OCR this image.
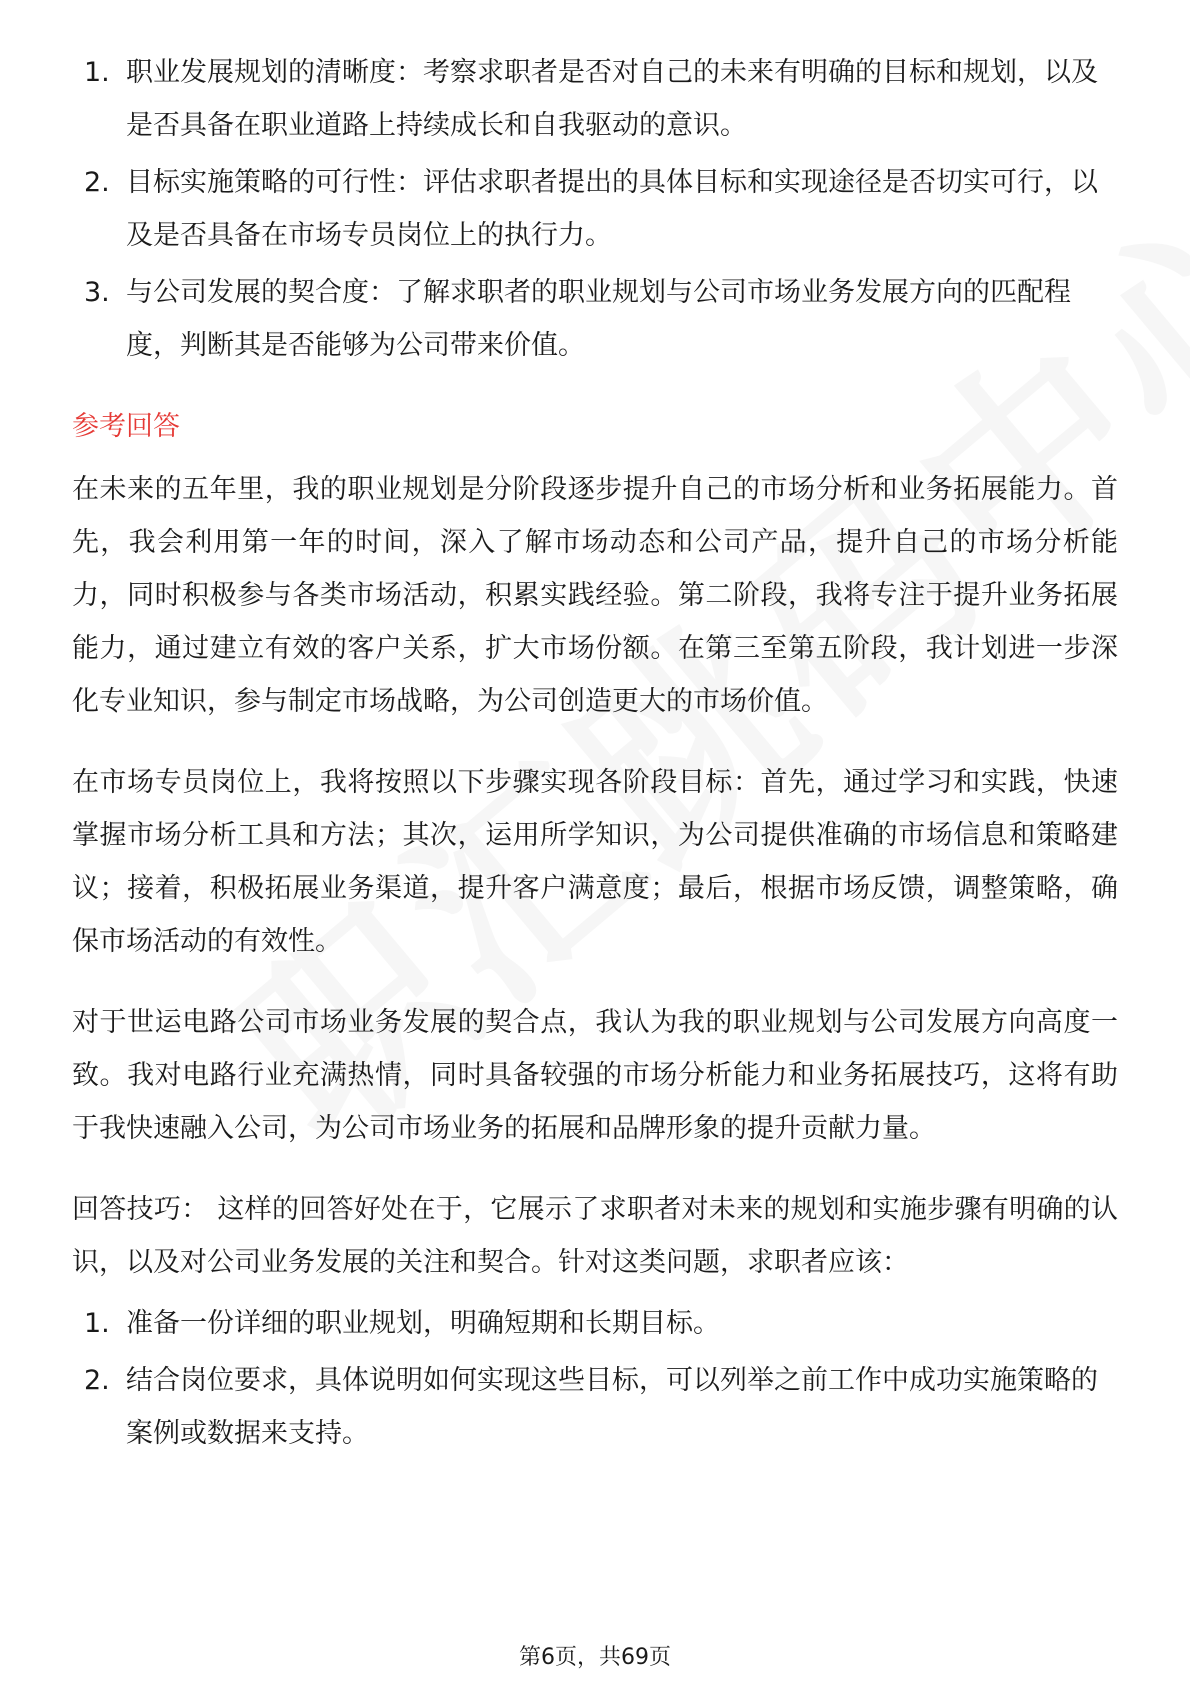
1. 职业发展规划的清晰度：考察求职者是否对自己的未来有明确的目标和规划，以及是否具备在职业道路上持续成长和自我驱动的意识。
2. 目标实施策略的可行性：评估求职者提出的具体目标和实现途径是否切实可行，以及是否具备在市场专员岗位上的执行力。
3. 与公司发展的契合度：了解求职者的职业规划与公司市场业务发展方向的匹配程度，判断其是否能够为公司带来价值。
参考回答

在未来的五年里，我的职业规划是分阶段逐步提升自己的市场分析和业务拓展能力。首先，我会利用第一年的时间，深入了解市场动态和公司产品，提升自己的市场分析能力，同时积极参与各类市场活动，积累实践经验。第二阶段，我将专注于提升业务拓展能力，通过建立有效的客户关系，扩大市场份额。在第三至第五阶段，我计划进一步深化专业知识，参与制定市场战略，为公司创造更大的市场价值。

在市场专员岗位上，我将按照以下步骤实现各阶段目标：首先，通过学习和实践，快速掌握市场分析工具和方法；其次，运用所学知识，为公司提供准确的市场信息和策略建议；接着，积极拓展业务渠道，提升客户满意度；最后，根据市场反馈，调整策略，确保市场活动的有效性。

对于世运电路公司市场业务发展的契合点，我认为我的职业规划与公司发展方向高度一致。我对电路行业充满热情，同时具备较强的市场分析能力和业务拓展技巧，这将有助于我快速融入公司，为公司市场业务的拓展和品牌形象的提升贡献力量。

回答技巧： 这样的回答好处在于，它展示了求职者对未来的规划和实施步骤有明确的认识，以及对公司业务发展的关注和契合。针对这类问题，求职者应该：

1. 准备一份详细的职业规划，明确短期和长期目标。
2. 结合岗位要求，具体说明如何实现这些目标，可以列举之前工作中成功实施策略的案例或数据来支持。
第6页，共69页
